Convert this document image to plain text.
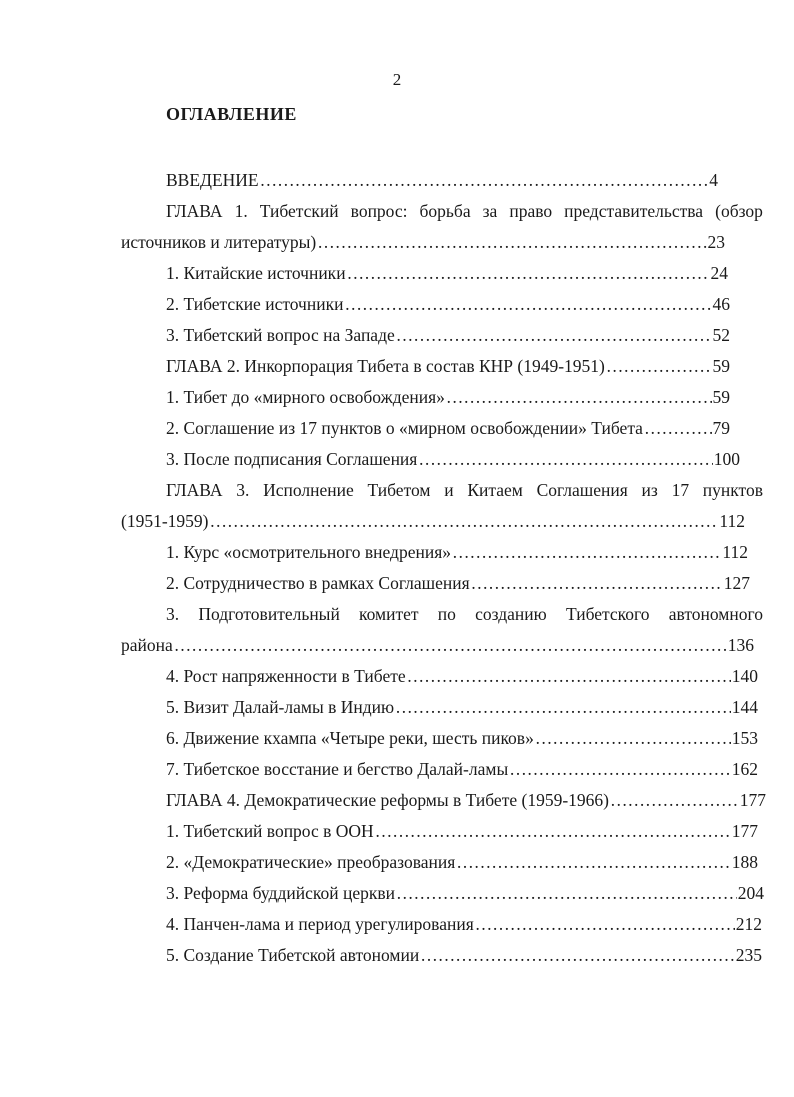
2
ОГЛАВЛЕНИЕ
ВВЕДЕНИЕ ………………………………………………………………………………………………………………………………………………………………………………………………	4
ГЛАВА 1. Тибетский вопрос: борьба за право представительства (обзор
источников и литературы) ………………………………………………………………………………………………………………………………………………………………………………………………	23
1. Китайские источники ………………………………………………………………………………………………………………………………………………………………………………………………	24
2. Тибетские источники ………………………………………………………………………………………………………………………………………………………………………………………………	46
3. Тибетский вопрос на Западе ………………………………………………………………………………………………………………………………………………………………………………………………	52
ГЛАВА 2. Инкорпорация Тибета в состав КНР (1949-1951) ………………………………………………………………………………………………………………………………………………………………………………………………	59
1. Тибет до «мирного освобождения» ………………………………………………………………………………………………………………………………………………………………………………………………	59
2. Соглашение из 17 пунктов о «мирном освобождении» Тибета ………………………………………………………………………………………………………………………………………………………………………………………………	79
3. После подписания Соглашения ………………………………………………………………………………………………………………………………………………………………………………………………	100
ГЛАВА 3. Исполнение Тибетом и Китаем Соглашения из 17 пунктов
(1951-1959) ………………………………………………………………………………………………………………………………………………………………………………………………	112
1. Курс «осмотрительного внедрения» ………………………………………………………………………………………………………………………………………………………………………………………………	112
2. Сотрудничество в рамках Соглашения ………………………………………………………………………………………………………………………………………………………………………………………………	127
3. Подготовительный комитет по созданию Тибетского автономного
района ………………………………………………………………………………………………………………………………………………………………………………………………	136
4. Рост напряженности в Тибете ………………………………………………………………………………………………………………………………………………………………………………………………	140
5. Визит Далай-ламы в Индию ………………………………………………………………………………………………………………………………………………………………………………………………	144
6. Движение кхампа «Четыре реки, шесть пиков» ………………………………………………………………………………………………………………………………………………………………………………………………	153
7. Тибетское восстание и бегство Далай-ламы ………………………………………………………………………………………………………………………………………………………………………………………………	162
ГЛАВА 4. Демократические реформы в Тибете (1959-1966) ………………………………………………………………………………………………………………………………………………………………………………………………	177
1. Тибетский вопрос в ООН ………………………………………………………………………………………………………………………………………………………………………………………………	177
2. «Демократические» преобразования ………………………………………………………………………………………………………………………………………………………………………………………………	188
3. Реформа буддийской церкви ………………………………………………………………………………………………………………………………………………………………………………………………	204
4. Панчен-лама и период урегулирования ………………………………………………………………………………………………………………………………………………………………………………………………	212
5. Создание Тибетской автономии ………………………………………………………………………………………………………………………………………………………………………………………………	235
